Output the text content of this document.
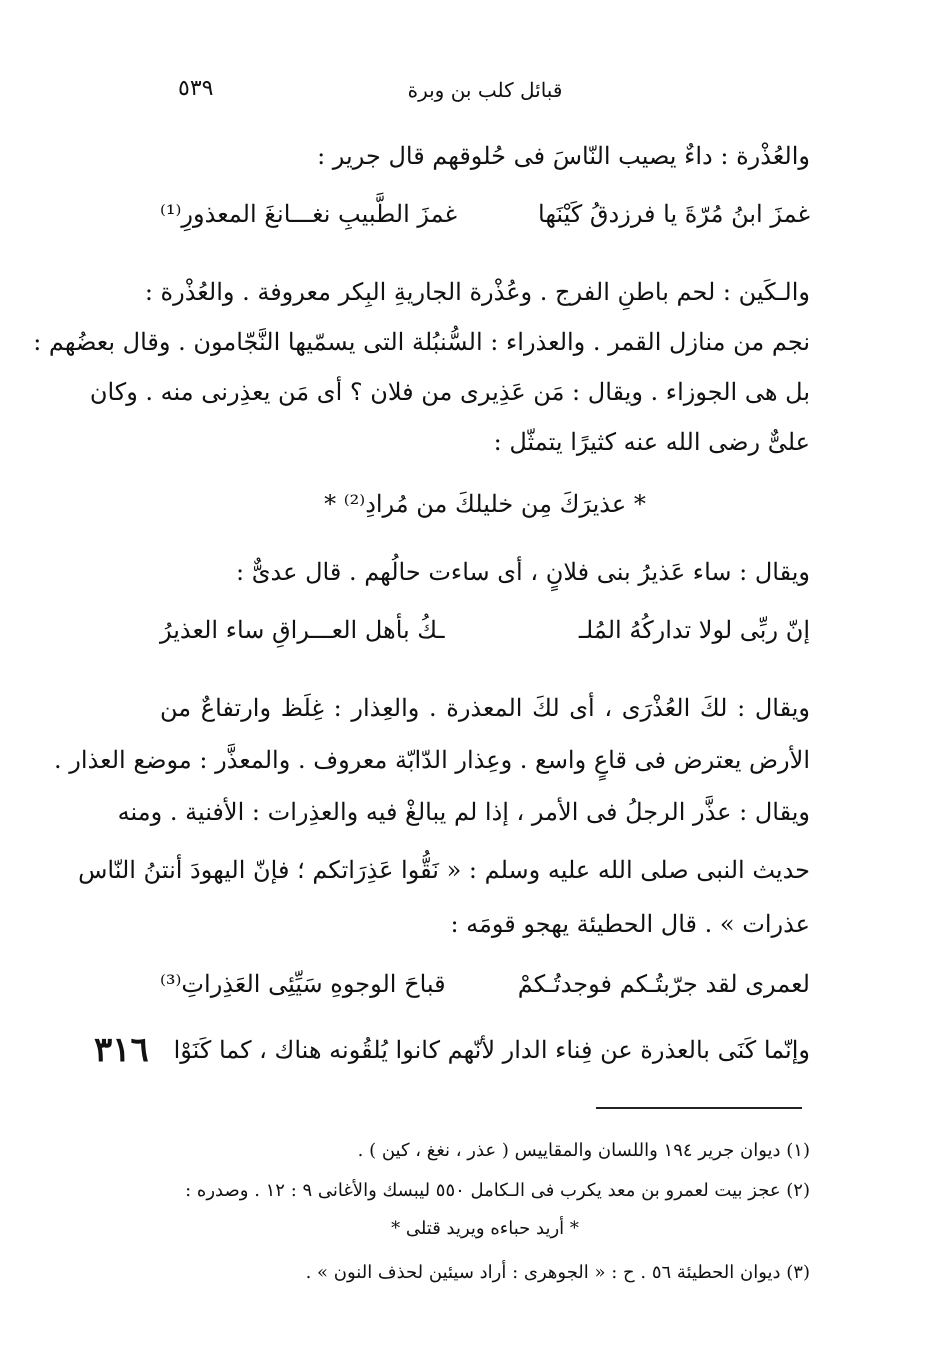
٥٣٩	قبائل كلب بن وبرة
والعُذْرة : داءٌ يصيب النّاسَ فى حُلوقهم قال جرير :
غمزَ ابنُ مُرّةَ يا فرزدقُ كَيْنَها
غمزَ الطَّبيبِ نغـــانغَ المعذورِ⁽¹⁾
والـكَين : لحم باطنِ الفرج . وعُذْرة الجاريةِ البِكر معروفة . والعُذْرة :
نجم من منازل القمر . والعذراء : السُّنبُلة التى يسمّيها النَّجّامون . وقال بعضُهم :
بل هى الجوزاء . ويقال : مَن عَذِيرى من فلان ؟ أى مَن يعذِرنى منه . وكان
علىٌّ رضى الله عنه كثيرًا يتمثّل :
* عذيرَكَ مِن خليلكَ من مُرادِ⁽²⁾ *
ويقال : ساء عَذيرُ بنى فلانٍ ، أى ساءت حالُهم . قال عدىٌّ :
إنّ ربِّى لولا تداركُهُ المُلـ
ـكُ بأهل العـــراقِ ساء العذيرُ
ويقال : لكَ العُذْرَى ، أى لكَ المعذرة . والعِذار : غِلَظ وارتفاعٌ من
الأرض يعترض فى قاعٍ واسع . وعِذار الدّابّة معروف . والمعذَّر : موضع العذار .
ويقال : عذَّر الرجلُ فى الأمر ، إذا لم يبالغْ فيه والعذِرات : الأفنية . ومنه
حديث النبى صلى الله عليه وسلم : « نَقُّوا عَذِرَاتكم ؛ فإنّ اليهودَ أنتنُ النّاس
عذرات » . قال الحطيئة يهجو قومَه :
لعمرى لقد جرّبتُـكم فوجدتُـكمْ
قباحَ الوجوهِ سَيِّئِى العَذِراتِ⁽³⁾
وإنّما كَنَى بالعذرة عن فِناء الدار لأنّهم كانوا يُلقُونه هناك ، كما كَنَوْا
٣١٦
(١) ديوان جرير ١٩٤ واللسان والمقاييس ( عذر ، نغغ ، كين ) .
(٢) عجز بيت لعمرو بن معد يكرب فى الـكامل ٥٥٠ ليبسك والأغانى ٩ : ١٢ . وصدره :
* أريد حباءه ويريد قتلى *
(٣) ديوان الحطيئة ٥٦ . ح : « الجوهرى : أراد سيئين لحذف النون » .
